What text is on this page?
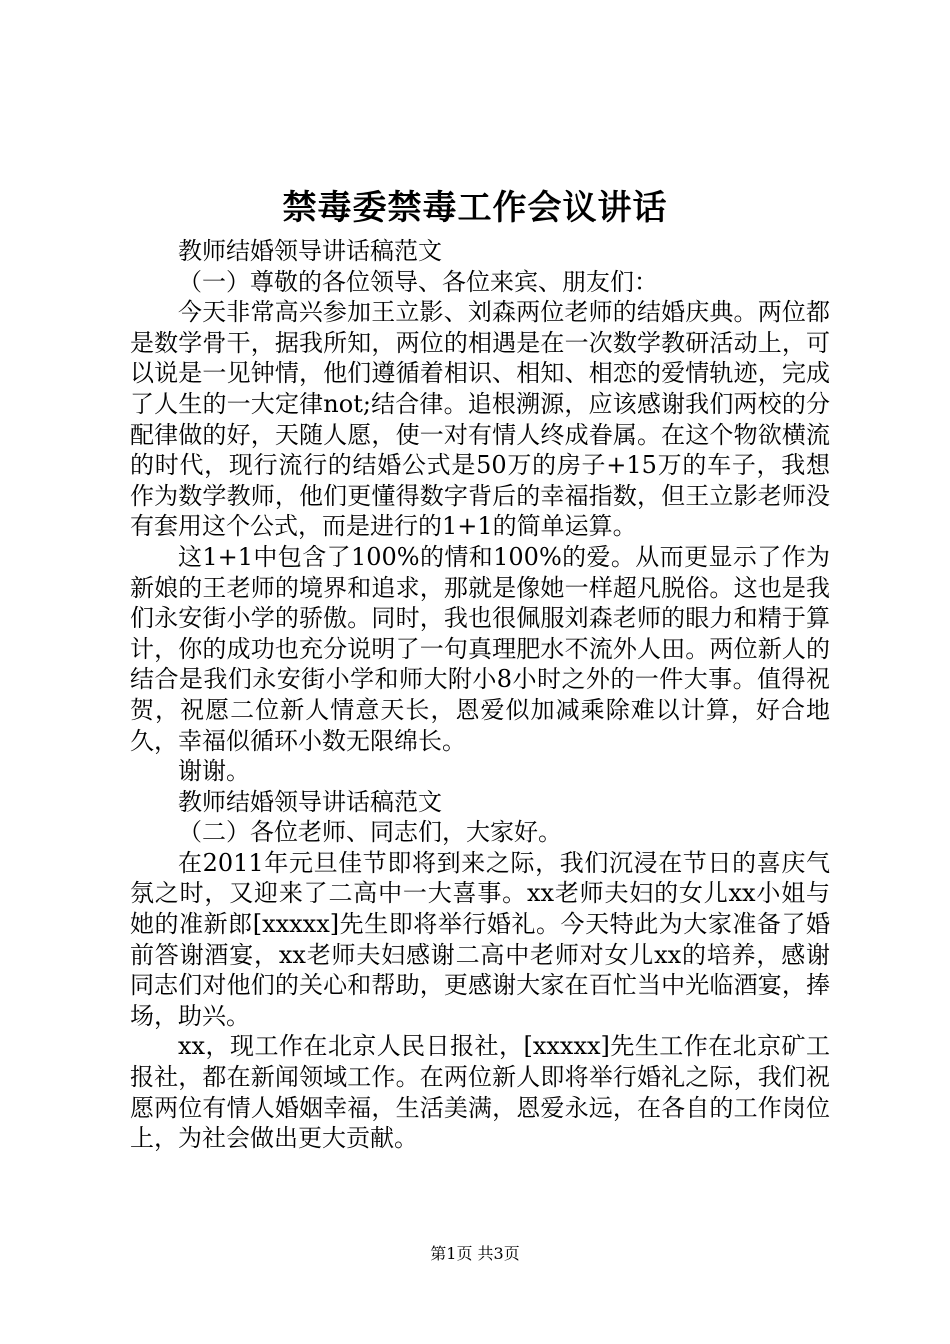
禁毒委禁毒工作会议讲话

教师结婚领导讲话稿范文

（一）尊敬的各位领导、各位来宾、朋友们：

今天非常高兴参加王立影、刘森两位老师的结婚庆典。两位都是数学骨干，据我所知，两位的相遇是在一次数学教研活动上，可以说是一见钟情，他们遵循着相识、相知、相恋的爱情轨迹，完成了人生的一大定律not;结合律。追根溯源，应该感谢我们两校的分配律做的好，天随人愿，使一对有情人终成眷属。在这个物欲横流的时代，现行流行的结婚公式是50万的房子+15万的车子，我想作为数学教师，他们更懂得数字背后的幸福指数，但王立影老师没有套用这个公式，而是进行的1+1的简单运算。

这1+1中包含了100%的情和100%的爱。从而更显示了作为新娘的王老师的境界和追求，那就是像她一样超凡脱俗。这也是我们永安街小学的骄傲。同时，我也很佩服刘森老师的眼力和精于算计，你的成功也充分说明了一句真理肥水不流外人田。两位新人的结合是我们永安街小学和师大附小8小时之外的一件大事。值得祝贺，祝愿二位新人情意天长，恩爱似加减乘除难以计算，好合地久，幸福似循环小数无限绵长。

谢谢。

教师结婚领导讲话稿范文

（二）各位老师、同志们，大家好。

在2011年元旦佳节即将到来之际，我们沉浸在节日的喜庆气氛之时，又迎来了二高中一大喜事。xx老师夫妇的女儿xx小姐与她的准新郎[xxxxx]先生即将举行婚礼。今天特此为大家准备了婚前答谢酒宴，xx老师夫妇感谢二高中老师对女儿xx的培养，感谢同志们对他们的关心和帮助，更感谢大家在百忙当中光临酒宴，捧场，助兴。

xx，现工作在北京人民日报社，[xxxxx]先生工作在北京矿工报社，都在新闻领域工作。在两位新人即将举行婚礼之际，我们祝愿两位有情人婚姻幸福，生活美满，恩爱永远，在各自的工作岗位上，为社会做出更大贡献。

第1页 共3页
